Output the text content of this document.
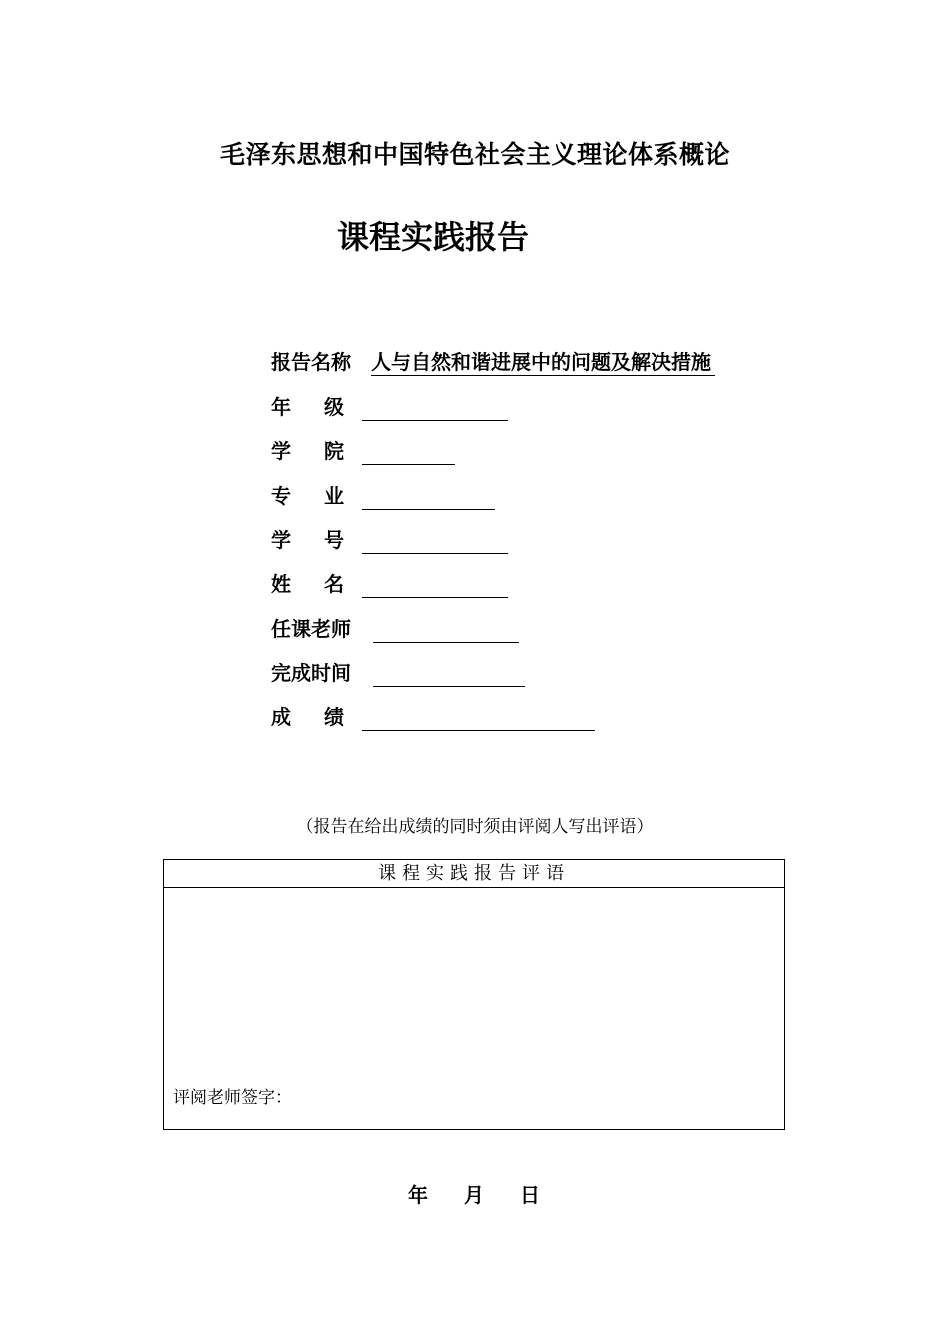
毛泽东思想和中国特色社会主义理论体系概论
课程实践报告
报告名称 人与自然和谐进展中的问题及解决措施
年级
学院
专业
学号
姓名
任课老师
完成时间
成绩
（报告在给出成绩的同时须由评阅人写出评语）
课程实践报告评语
评阅老师签字：
年 月 日
